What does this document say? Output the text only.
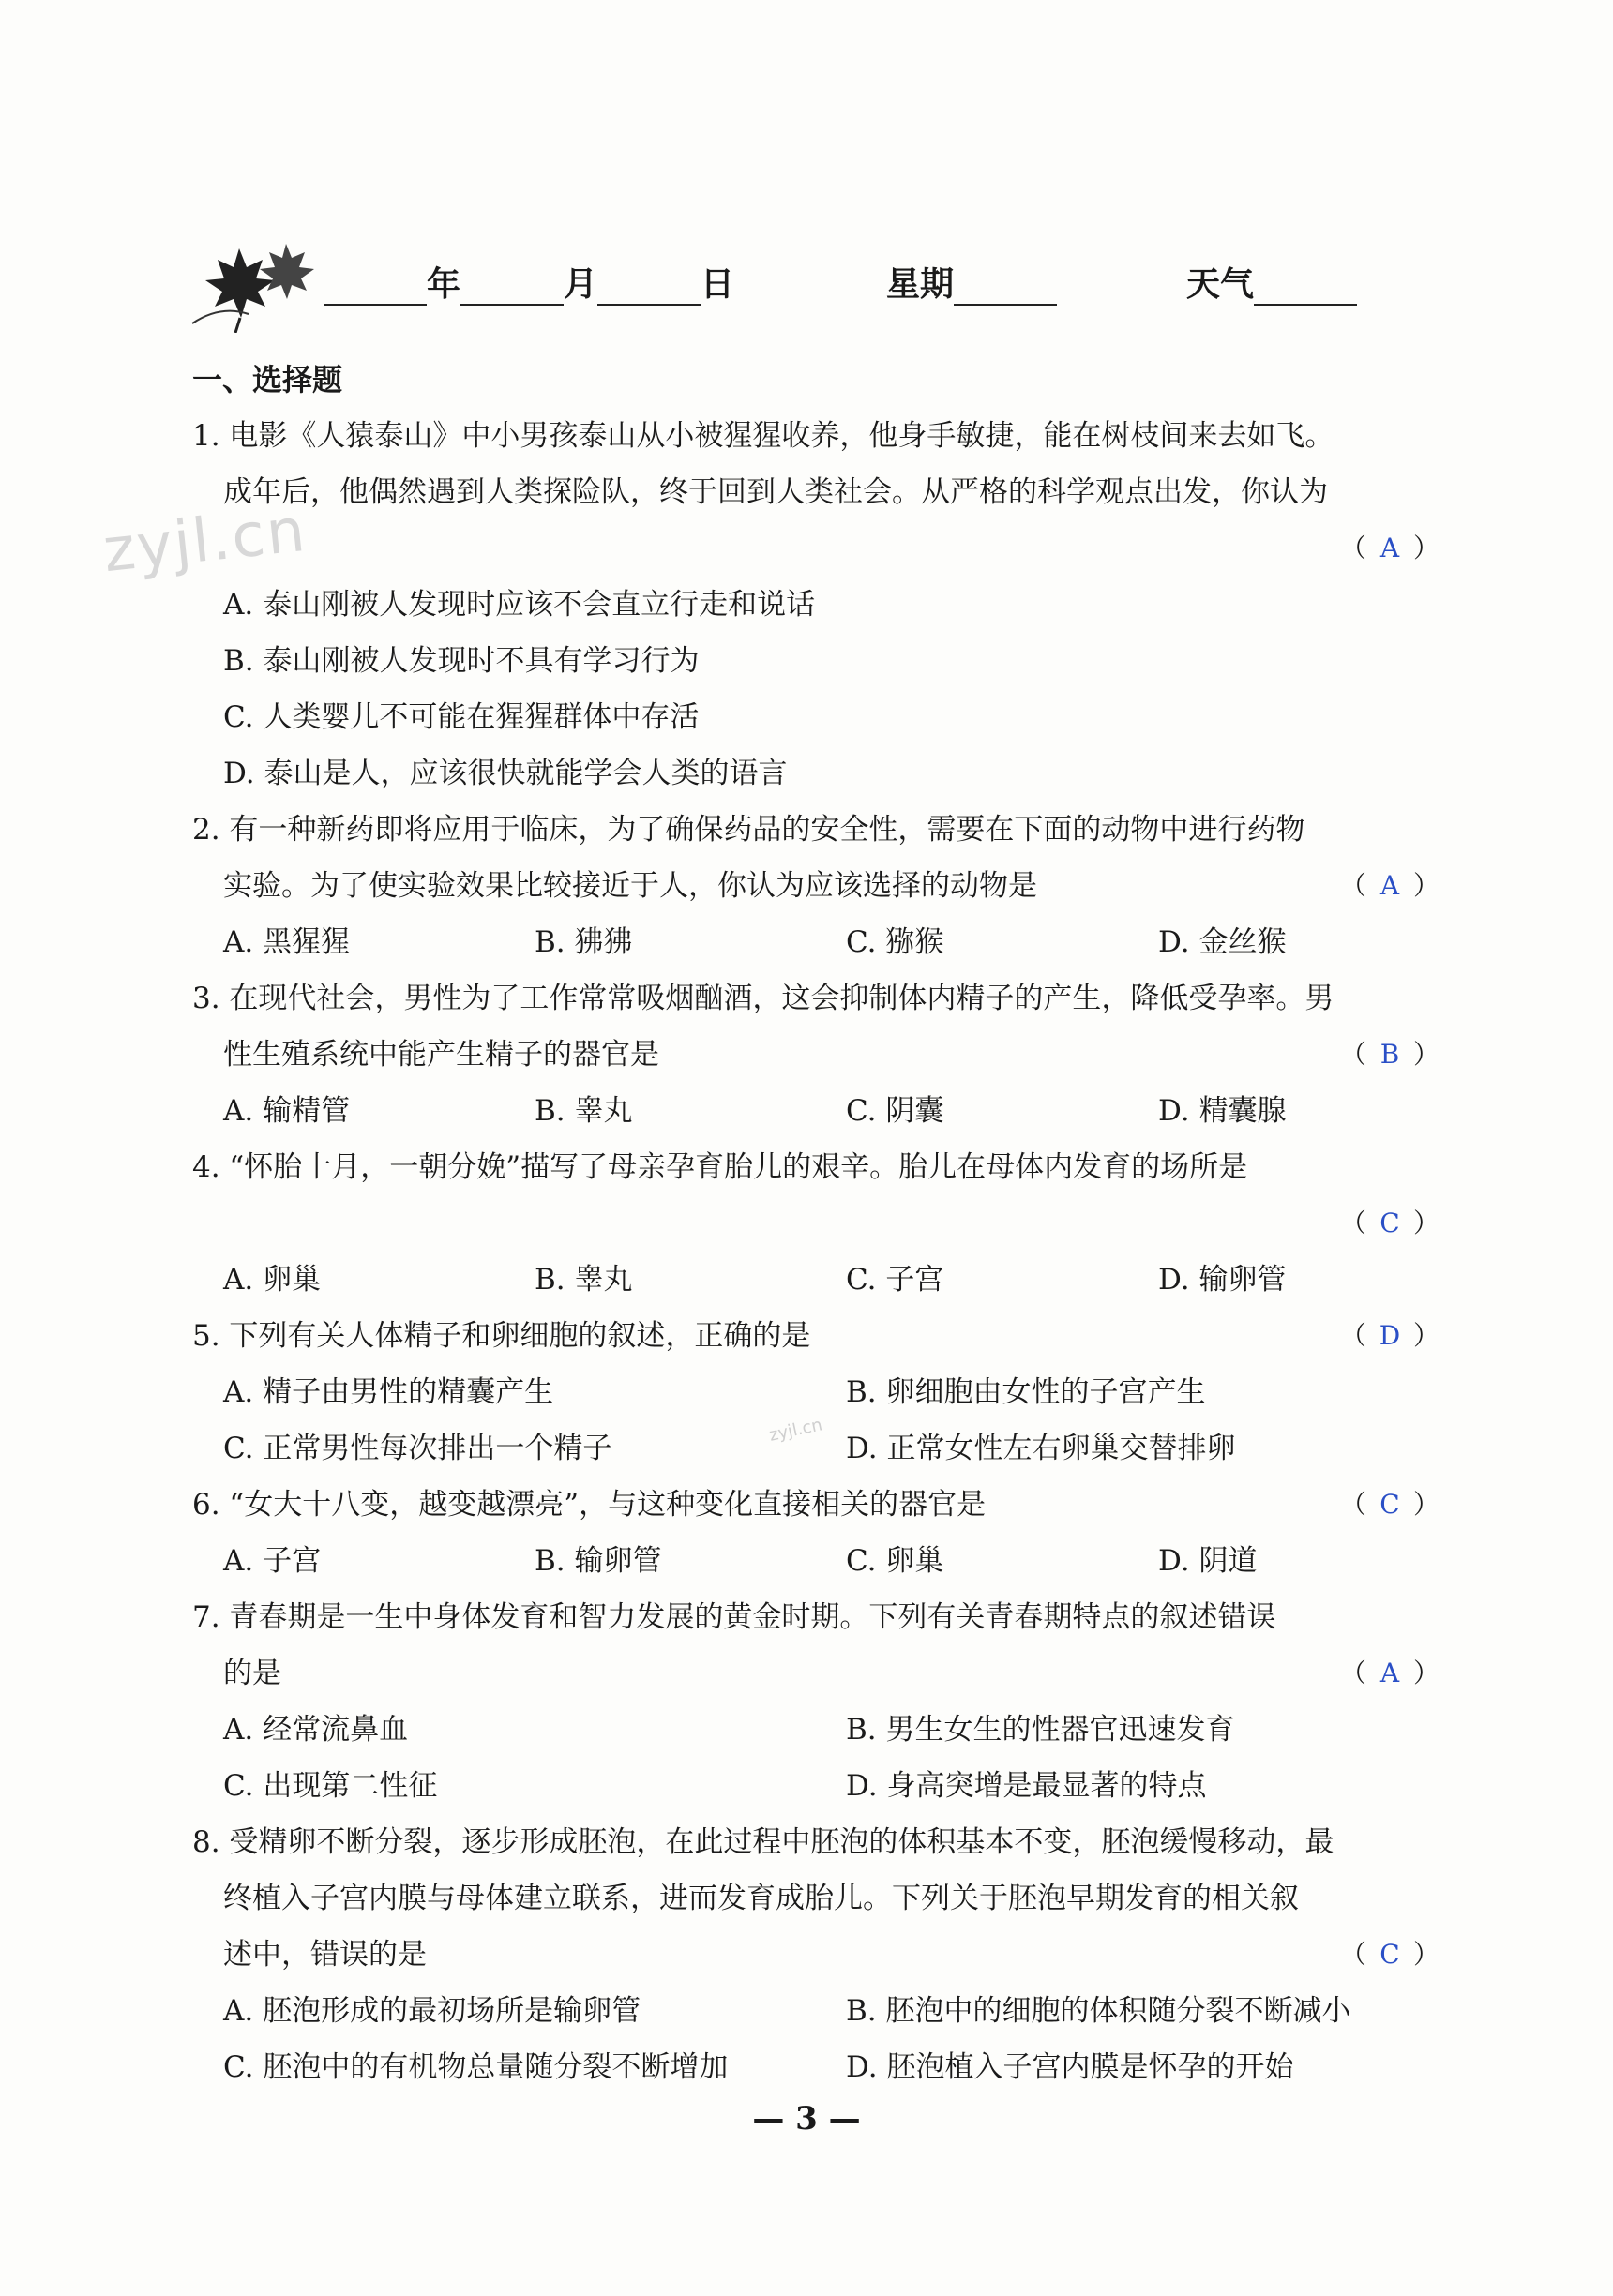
年	月	日	星期	天气
一、选择题
zyjl.cn
zyjl.cn
1. 电影《人猿泰山》中小男孩泰山从小被猩猩收养，他身手敏捷，能在树枝间来去如飞。
成年后，他偶然遇到人类探险队，终于回到人类社会。从严格的科学观点出发，你认为
（ A ）
A. 泰山刚被人发现时应该不会直立行走和说话
B. 泰山刚被人发现时不具有学习行为
C. 人类婴儿不可能在猩猩群体中存活
D. 泰山是人，应该很快就能学会人类的语言
2. 有一种新药即将应用于临床，为了确保药品的安全性，需要在下面的动物中进行药物
实验。为了使实验效果比较接近于人，你认为应该选择的动物是	（ A ）
A. 黑猩猩	B. 狒狒	C. 猕猴	D. 金丝猴
3. 在现代社会，男性为了工作常常吸烟酗酒，这会抑制体内精子的产生，降低受孕率。男
性生殖系统中能产生精子的器官是	（ B ）
A. 输精管	B. 睾丸	C. 阴囊	D. 精囊腺
4. “怀胎十月，一朝分娩”描写了母亲孕育胎儿的艰辛。胎儿在母体内发育的场所是
（ C ）
A. 卵巢	B. 睾丸	C. 子宫	D. 输卵管
5. 下列有关人体精子和卵细胞的叙述，正确的是	（ D ）
A. 精子由男性的精囊产生	B. 卵细胞由女性的子宫产生
C. 正常男性每次排出一个精子	D. 正常女性左右卵巢交替排卵
6. “女大十八变，越变越漂亮”，与这种变化直接相关的器官是	（ C ）
A. 子宫	B. 输卵管	C. 卵巢	D. 阴道
7. 青春期是一生中身体发育和智力发展的黄金时期。下列有关青春期特点的叙述错误
的是	（ A ）
A. 经常流鼻血	B. 男生女生的性器官迅速发育
C. 出现第二性征	D. 身高突增是最显著的特点
8. 受精卵不断分裂，逐步形成胚泡，在此过程中胚泡的体积基本不变，胚泡缓慢移动，最
终植入子宫内膜与母体建立联系，进而发育成胎儿。下列关于胚泡早期发育的相关叙
述中，错误的是	（ C ）
A. 胚泡形成的最初场所是输卵管	B. 胚泡中的细胞的体积随分裂不断减小
C. 胚泡中的有机物总量随分裂不断增加	D. 胚泡植入子宫内膜是怀孕的开始
— 3 —
